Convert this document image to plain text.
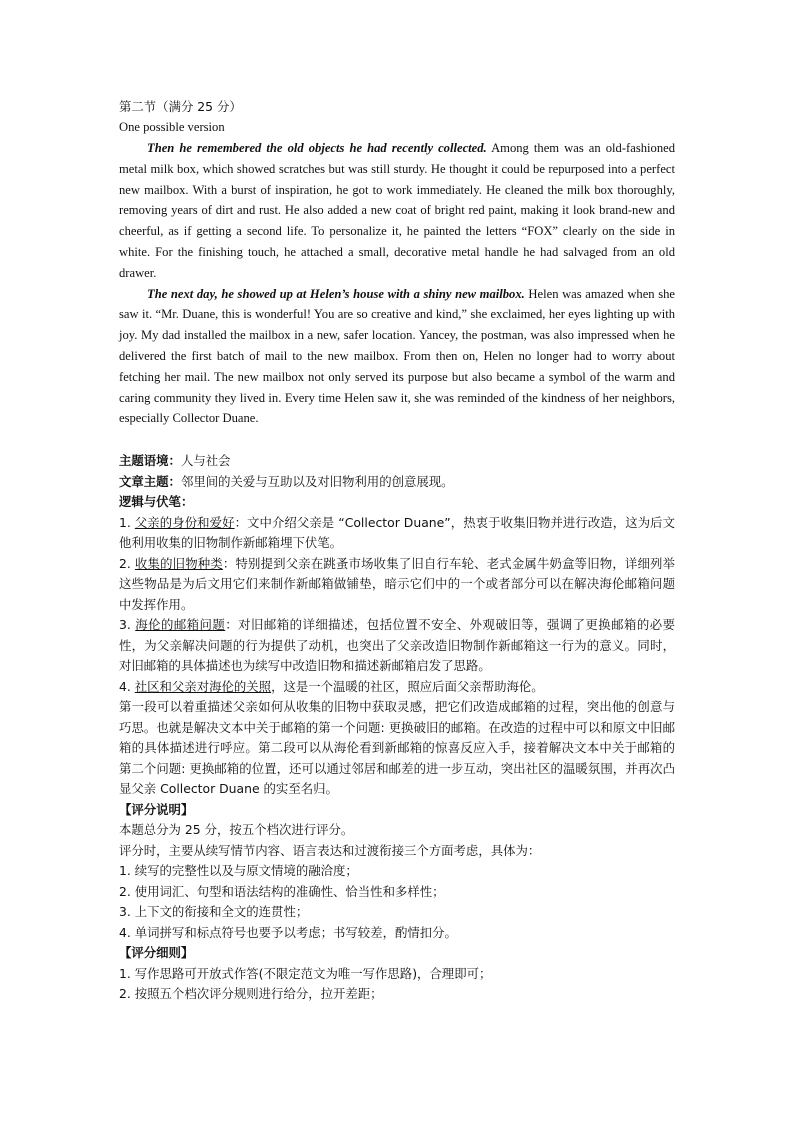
第二节（满分 25 分）

One possible version

Then he remembered the old objects he had recently collected. Among them was an old-fashioned metal milk box, which showed scratches but was still sturdy. He thought it could be repurposed into a perfect new mailbox. With a burst of inspiration, he got to work immediately. He cleaned the milk box thoroughly, removing years of dirt and rust. He also added a new coat of bright red paint, making it look brand-new and cheerful, as if getting a second life. To personalize it, he painted the letters “FOX” clearly on the side in white. For the finishing touch, he attached a small, decorative metal handle he had salvaged from an old drawer.

The next day, he showed up at Helen’s house with a shiny new mailbox. Helen was amazed when she saw it. “Mr. Duane, this is wonderful! You are so creative and kind,” she exclaimed, her eyes lighting up with joy. My dad installed the mailbox in a new, safer location. Yancey, the postman, was also impressed when he delivered the first batch of mail to the new mailbox. From then on, Helen no longer had to worry about fetching her mail. The new mailbox not only served its purpose but also became a symbol of the warm and caring community they lived in. Every time Helen saw it, she was reminded of the kindness of her neighbors, especially Collector Duane.

主题语境：人与社会

文章主题：邻里间的关爱与互助以及对旧物利用的创意展现。

逻辑与伏笔：

1. 父亲的身份和爱好：文中介绍父亲是 “Collector Duane”，热衷于收集旧物并进行改造，这为后文他利用收集的旧物制作新邮箱埋下伏笔。

2. 收集的旧物种类：特别提到父亲在跳蚤市场收集了旧自行车轮、老式金属牛奶盒等旧物，详细列举这些物品是为后文用它们来制作新邮箱做铺垫，暗示它们中的一个或者部分可以在解决海伦邮箱问题中发挥作用。

3. 海伦的邮箱问题：对旧邮箱的详细描述，包括位置不安全、外观破旧等，强调了更换邮箱的必要性，为父亲解决问题的行为提供了动机，也突出了父亲改造旧物制作新邮箱这一行为的意义。同时，对旧邮箱的具体描述也为续写中改造旧物和描述新邮箱启发了思路。

4. 社区和父亲对海伦的关照，这是一个温暖的社区，照应后面父亲帮助海伦。

第一段可以着重描述父亲如何从收集的旧物中获取灵感，把它们改造成邮箱的过程，突出他的创意与巧思。也就是解决文本中关于邮箱的第一个问题: 更换破旧的邮箱。在改造的过程中可以和原文中旧邮箱的具体描述进行呼应。第二段可以从海伦看到新邮箱的惊喜反应入手，接着解决文本中关于邮箱的第二个问题: 更换邮箱的位置，还可以通过邻居和邮差的进一步互动，突出社区的温暖氛围，并再次凸显父亲 Collector Duane 的实至名归。

【评分说明】

本题总分为 25 分，按五个档次进行评分。

评分时，主要从续写情节内容、语言表达和过渡衔接三个方面考虑，具体为：

1. 续写的完整性以及与原文情境的融洽度；

2. 使用词汇、句型和语法结构的准确性、恰当性和多样性；

3. 上下文的衔接和全文的连贯性；

4. 单词拼写和标点符号也要予以考虑；书写较差，酌情扣分。

【评分细则】

1. 写作思路可开放式作答(不限定范文为唯一写作思路)，合理即可；

2. 按照五个档次评分规则进行给分，拉开差距；
